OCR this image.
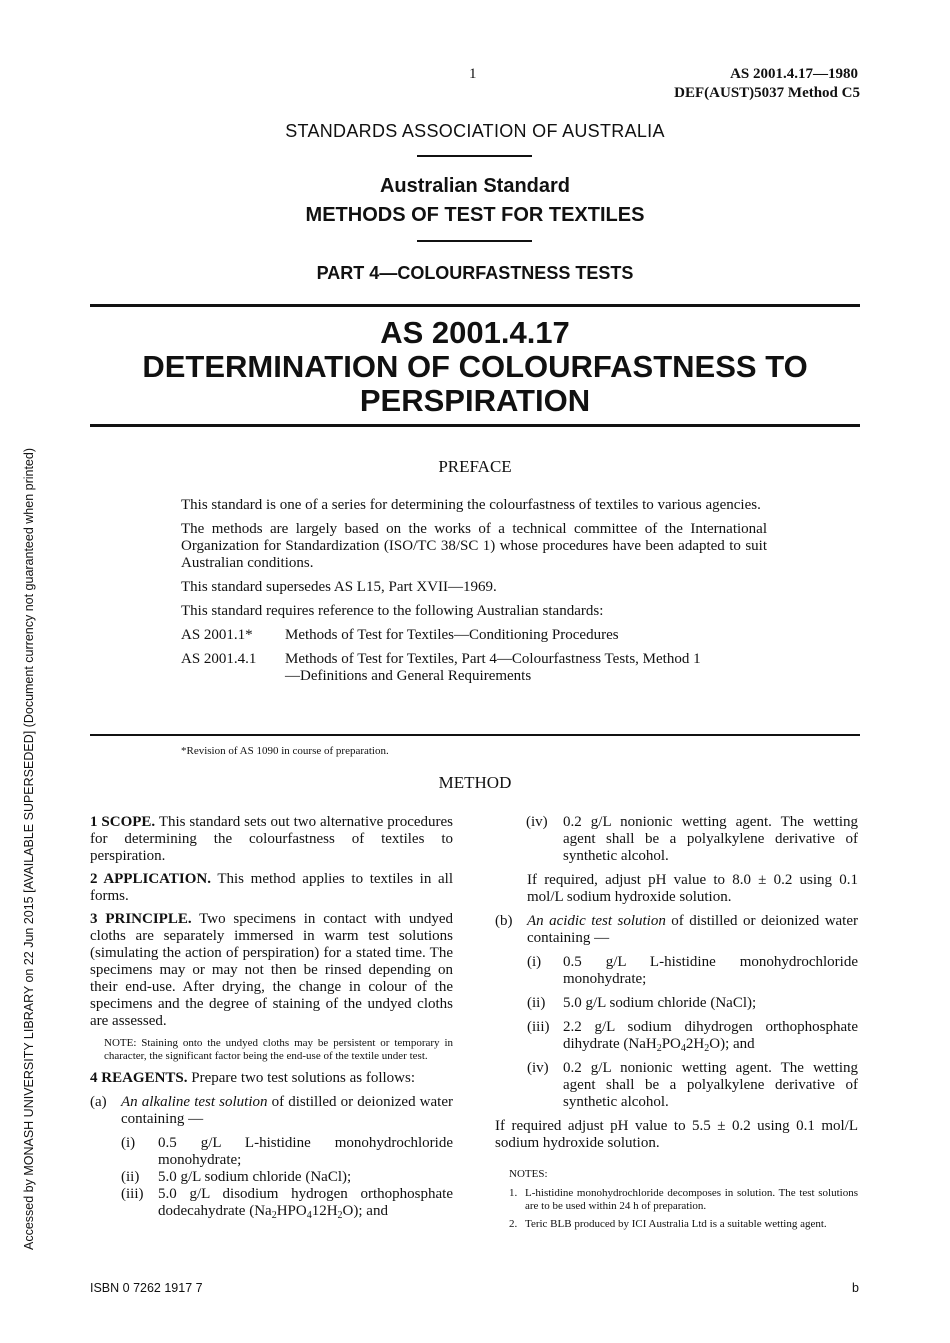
Accessed by MONASH UNIVERSITY LIBRARY on 22 Jun 2015 [AVAILABLE SUPERSEDED] (Document currency not guaranteed when printed)
1	AS 2001.4.17—1980
DEF(AUST)5037 Method C5
STANDARDS ASSOCIATION OF AUSTRALIA
Australian Standard
METHODS OF TEST FOR TEXTILES
PART 4—COLOURFASTNESS TESTS
AS 2001.4.17
DETERMINATION OF COLOURFASTNESS TO
PERSPIRATION
PREFACE

This standard is one of a series for determining the colourfastness of textiles to various agencies.

The methods are largely based on the works of a technical committee of the International Organization for Standardization (ISO/TC 38/SC 1) whose procedures have been adapted to suit Australian conditions.

This standard supersedes AS L15, Part XVII—1969.

This standard requires reference to the following Australian standards:

AS 2001.1*	Methods of Test for Textiles—Conditioning Procedures
AS 2001.4.1	Methods of Test for Textiles, Part 4—Colourfastness Tests, Method 1—Definitions and General Requirements
*Revision of AS 1090 in course of preparation.
METHOD

1 SCOPE. This standard sets out two alternative procedures for determining the colourfastness of textiles to perspiration.

2 APPLICATION. This method applies to textiles in all forms.

3 PRINCIPLE. Two specimens in contact with undyed cloths are separately immersed in warm test solutions (simulating the action of perspiration) for a stated time. The specimens may or may not then be rinsed depending on their end-use. After drying, the change in colour of the specimens and the degree of staining of the undyed cloths are assessed.

NOTE: Staining onto the undyed cloths may be persistent or temporary in character, the significant factor being the end-use of the textile under test.

4 REAGENTS. Prepare two test solutions as follows:

(a) An alkaline test solution of distilled or deionized water containing —
(i)	0.5 g/L L-histidine monohydrochloride monohydrate;
(ii)	5.0 g/L sodium chloride (NaCl);
(iii) 5.0 g/L disodium hydrogen orthophosphate dodecahydrate $(Na_2HPO_412H_2O)$; and
(iv)	0.2 g/L nonionic wetting agent. The wetting agent shall be a polyalkylene derivative of synthetic alcohol.

If required, adjust pH value to 8.0 ± 0.2 using 0.1 mol/L sodium hydroxide solution.

(b) An acidic test solution of distilled or deionized water containing —
(i)	0.5 g/L L-histidine monohydrochloride monohydrate;
(ii)	5.0 g/L sodium chloride (NaCl);
(iii) 2.2 g/L sodium dihydrogen orthophosphate dihydrate $(NaH_2PO_42H_2O)$; and
(iv) 0.2 g/L nonionic wetting agent. The wetting agent shall be a polyalkylene derivative of synthetic alcohol.

If required adjust pH value to 5.5 ± 0.2 using 0.1 mol/L sodium hydroxide solution.

NOTES:

1. L-histidine monohydrochloride decomposes in solution. The test solutions are to be used within 24 h of preparation.
2. Teric BLB produced by ICI Australia Ltd is a suitable wetting agent.
ISBN 0 7262 1917 7	b
